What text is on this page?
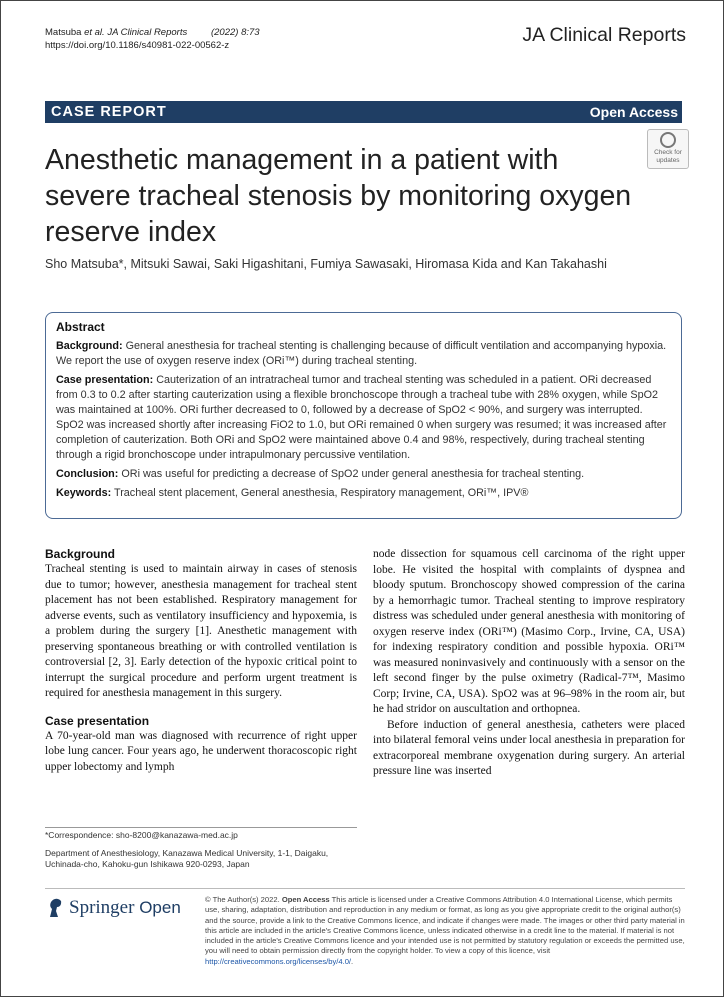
Matsuba et al. JA Clinical Reports	(2022) 8:73
https://doi.org/10.1186/s40981-022-00562-z	JA Clinical Reports
CASE REPORT	Open Access
Anesthetic management in a patient with severe tracheal stenosis by monitoring oxygen reserve index
Check for
updates
Sho Matsuba*, Mitsuki Sawai, Saki Higashitani, Fumiya Sawasaki, Hiromasa Kida and Kan Takahashi
Abstract

Background: General anesthesia for tracheal stenting is challenging because of difficult ventilation and accompanying hypoxia. We report the use of oxygen reserve index (ORi™) during tracheal stenting.

Case presentation: Cauterization of an intratracheal tumor and tracheal stenting was scheduled in a patient. ORi decreased from 0.3 to 0.2 after starting cauterization using a flexible bronchoscope through a tracheal tube with 28% oxygen, while SpO2 was maintained at 100%. ORi further decreased to 0, followed by a decrease of SpO2 < 90%, and surgery was interrupted. SpO2 was increased shortly after increasing FiO2 to 1.0, but ORi remained 0 when surgery was resumed; it was increased after completion of cauterization. Both ORi and SpO2 were maintained above 0.4 and 98%, respectively, during tracheal stenting through a rigid bronchoscope under intrapulmonary percussive ventilation.

Conclusion: ORi was useful for predicting a decrease of SpO2 under general anesthesia for tracheal stenting.

Keywords: Tracheal stent placement, General anesthesia, Respiratory management, ORi™, IPV®

Background

Tracheal stenting is used to maintain airway in cases of stenosis due to tumor; however, anesthesia management for tracheal stent placement has not been established. Respiratory management for adverse events, such as ventilatory insufficiency and hypoxemia, is a problem during the surgery [1]. Anesthetic management with preserving spontaneous breathing or with controlled ventilation is controversial [2, 3]. Early detection of the hypoxic critical point to interrupt the surgical procedure and perform urgent treatment is required for anesthesia management in this surgery.

Case presentation

A 70-year-old man was diagnosed with recurrence of right upper lobe lung cancer. Four years ago, he underwent thoracoscopic right upper lobectomy and lymph

node dissection for squamous cell carcinoma of the right upper lobe. He visited the hospital with complaints of dyspnea and bloody sputum. Bronchoscopy showed compression of the carina by a hemorrhagic tumor. Tracheal stenting to improve respiratory distress was scheduled under general anesthesia with monitoring of oxygen reserve index (ORi™) (Masimo Corp., Irvine, CA, USA) for indexing respiratory condition and possible hypoxia. ORi™ was measured noninvasively and continuously with a sensor on the left second finger by the pulse oximetry (Radical-7™, Masimo Corp; Irvine, CA, USA). SpO2 was at 96–98% in the room air, but he had stridor on auscultation and orthopnea.

Before induction of general anesthesia, catheters were placed into bilateral femoral veins under local anesthesia in preparation for extracorporeal membrane oxygenation during surgery. An arterial pressure line was inserted

*Correspondence: sho-8200@kanazawa-med.ac.jp
Department of Anesthesiology, Kanazawa Medical University, 1-1, Daigaku, Uchinada-cho, Kahoku-gun Ishikawa 920-0293, Japan
Springer Open	© The Author(s) 2022. Open Access This article is licensed under a Creative Commons Attribution 4.0 International License, which permits use, sharing, adaptation, distribution and reproduction in any medium or format, as long as you give appropriate credit to the original author(s) and the source, provide a link to the Creative Commons licence, and indicate if changes were made. The images or other third party material in this article are included in the article's Creative Commons licence, unless indicated otherwise in a credit line to the material. If material is not included in the article's Creative Commons licence and your intended use is not permitted by statutory regulation or exceeds the permitted use, you will need to obtain permission directly from the copyright holder. To view a copy of this licence, visit http://creativecommons.org/licenses/by/4.0/.
